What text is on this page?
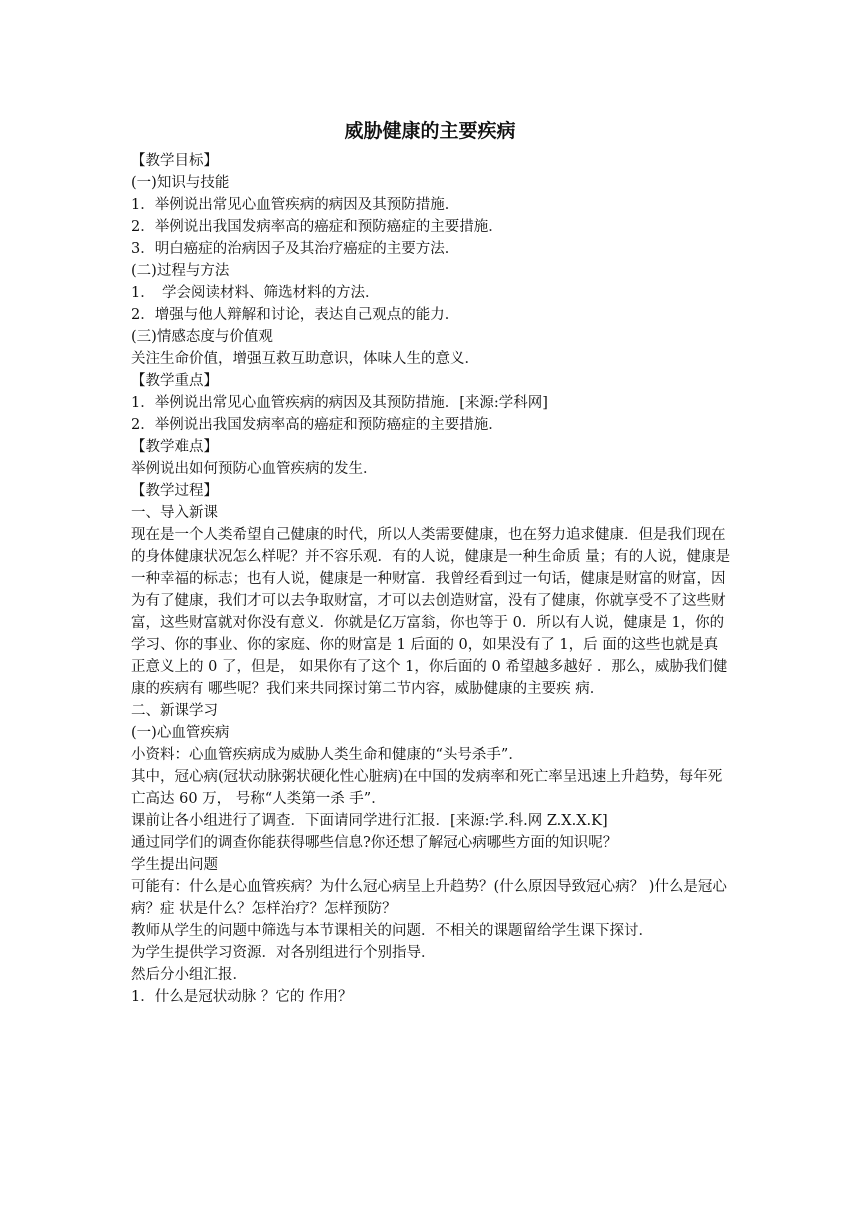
威胁健康的主要疾病

【教学目标】

(一)知识与技能

1．举例说出常见心血管疾病的病因及其预防措施．

2．举例说出我国发病率高的癌症和预防癌症的主要措施．

3．明白癌症的治病因子及其治疗癌症的主要方法．

(二)过程与方法

1．　学会阅读材料、筛选材料的方法．

2．增强与他人辩解和讨论，表达自己观点的能力．

(三)情感态度与价值观

关注生命价值，增强互救互助意识，体味人生的意义．

【教学重点】

1．举例说出常见心血管疾病的病因及其预防措施．[来源:学科网]

2．举例说出我国发病率高的癌症和预防癌症的主要措施．

【教学难点】

举例说出如何预防心血管疾病的发生．

【教学过程】

一、导入新课

现在是一个人类希望自己健康的时代，所以人类需要健康，也在努力追求健康．但是我们现在的身体健康状况怎么样呢？并不容乐观．有的人说，健康是一种生命质 量；有的人说，健康是一种幸福的标志；也有人说，健康是一种财富．我曾经看到过一句话，健康是财富的财富，因为有了健康，我们才可以去争取财富，才可以去创造财富，没有了健康，你就享受不了这些财富，这些财富就对你没有意义．你就是亿万富翁，你也等于 0．所以有人说，健康是 1，你的学习、你的事业、你的家庭、你的财富是 1 后面的 0，如果没有了 1，后 面的这些也就是真正意义上的 0 了，但是， 如果你有了这个 1，你后面的 0 希望越多越好 ．那么，威胁我们健康的疾病有 哪些呢？我们来共同探讨第二节内容，威胁健康的主要疾 病．

二、新课学习

(一)心血管疾病

小资料：心血管疾病成为威胁人类生命和健康的“头号杀手”．

其中，冠心病(冠状动脉粥状硬化性心脏病)在中国的发病率和死亡率呈迅速上升趋势，每年死亡高达 60 万， 号称“人类第一杀 手”．

课前让各小组进行了调查．下面请同学进行汇报．[来源:学.科.网 Z.X.X.K]

通过同学们的调查你能获得哪些信息?你还想了解冠心病哪些方面的知识呢？

学生提出问题

可能有：什么是心血管疾病？为什么冠心病呈上升趋势？(什么原因导致冠心病？ )什么是冠心病？症 状是什么？怎样治疗？怎样预防？

教师从学生的问题中筛选与本节课相关的问题．不相关的课题留给学生课下探讨．

为学生提供学习资源．对各别组进行个别指导．

然后分小组汇报．

1．什么是冠状动脉 ？它的 作用？
